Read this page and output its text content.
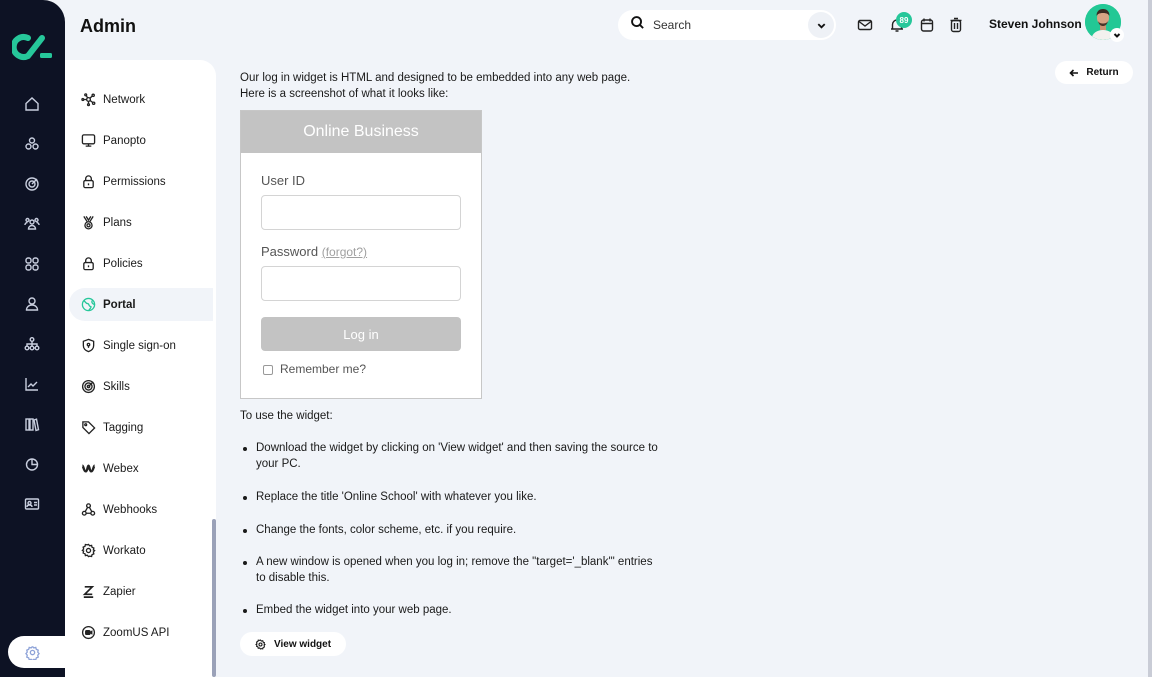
Admin	Search	89	Steven Johnson
Return
Network
Panopto
Permissions
Plans
Policies
Portal
Single sign-on
Skills
Tagging
Webex
Webhooks
Workato
Zapier
ZoomUS API
Our log in widget is HTML and designed to be embedded into any web page.
Here is a screenshot of what it looks like:
Online Business
User ID
Password (forgot?)
Log in
Remember me?
To use the widget:
Download the widget by clicking on 'View widget' and then saving the source to your PC.
Replace the title 'Online School' with whatever you like.
Change the fonts, color scheme, etc. if you require.
A new window is opened when you log in; remove the "target='_blank'" entries to disable this.
Embed the widget into your web page.
View widget
